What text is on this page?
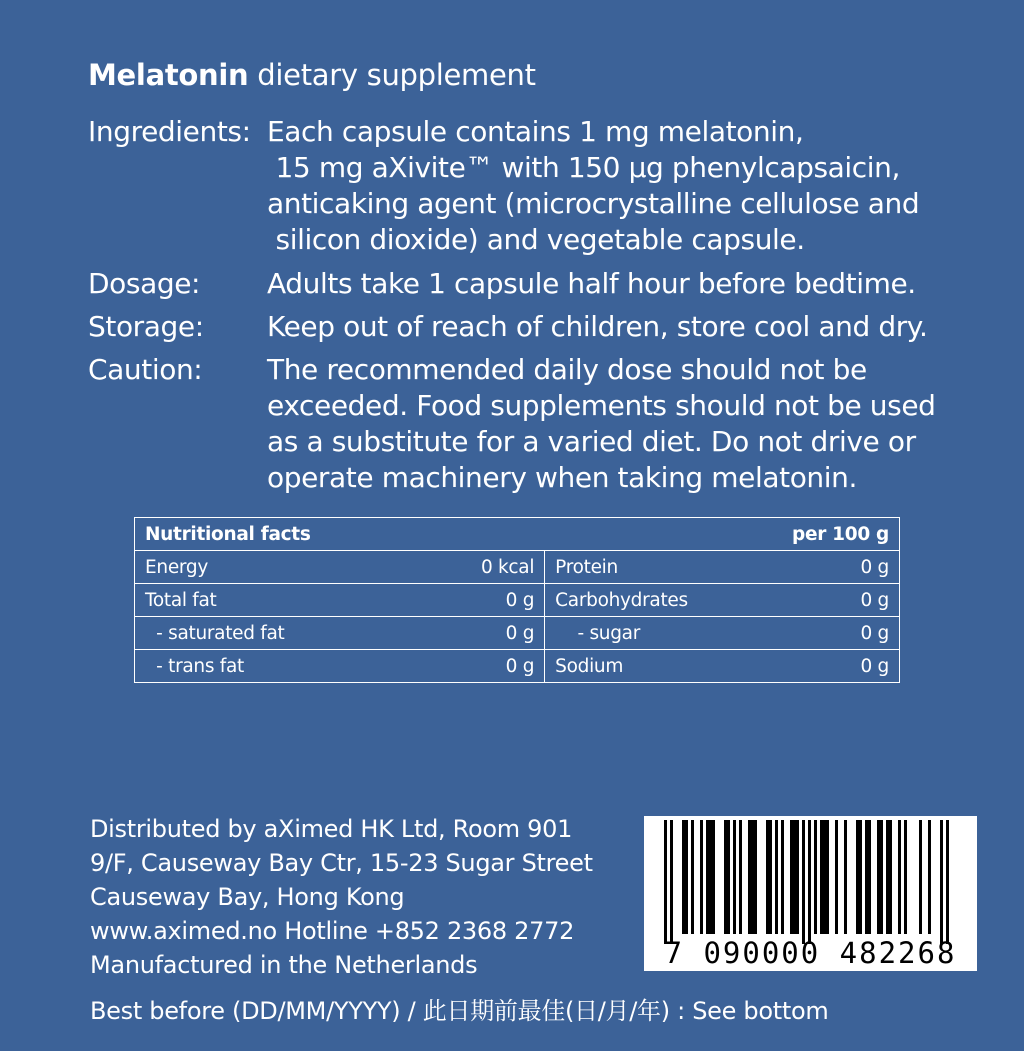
Melatonin dietary supplement
Ingredients: Each capsule contains 1 mg melatonin,
15 mg aXivite™ with 150 µg phenylcapsaicin,
anticaking agent (microcrystalline cellulose and
silicon dioxide) and vegetable capsule.
Dosage: Adults take 1 capsule half hour before bedtime.
Storage: Keep out of reach of children, store cool and dry.
Caution: The recommended daily dose should not be
exceeded. Food supplements should not be used
as a substitute for a varied diet. Do not drive or
operate machinery when taking melatonin.
Nutritional facts per 100 g			

Energy	0 kcal	Protein	0 g
Total fat	0 g	Carbohydrates	0 g
- saturated fat	0 g	- sugar	0 g
- trans fat	0 g	Sodium	0 g
Distributed by aXimed HK Ltd, Room 901
9/F, Causeway Bay Ctr, 15-23 Sugar Street
Causeway Bay, Hong Kong
www.aximed.no Hotline +852 2368 2772
Manufactured in the Netherlands	7 090000 482268
Best before (DD/MM/YYYY) / 此日期前最佳(日/月/年) : See bottom
